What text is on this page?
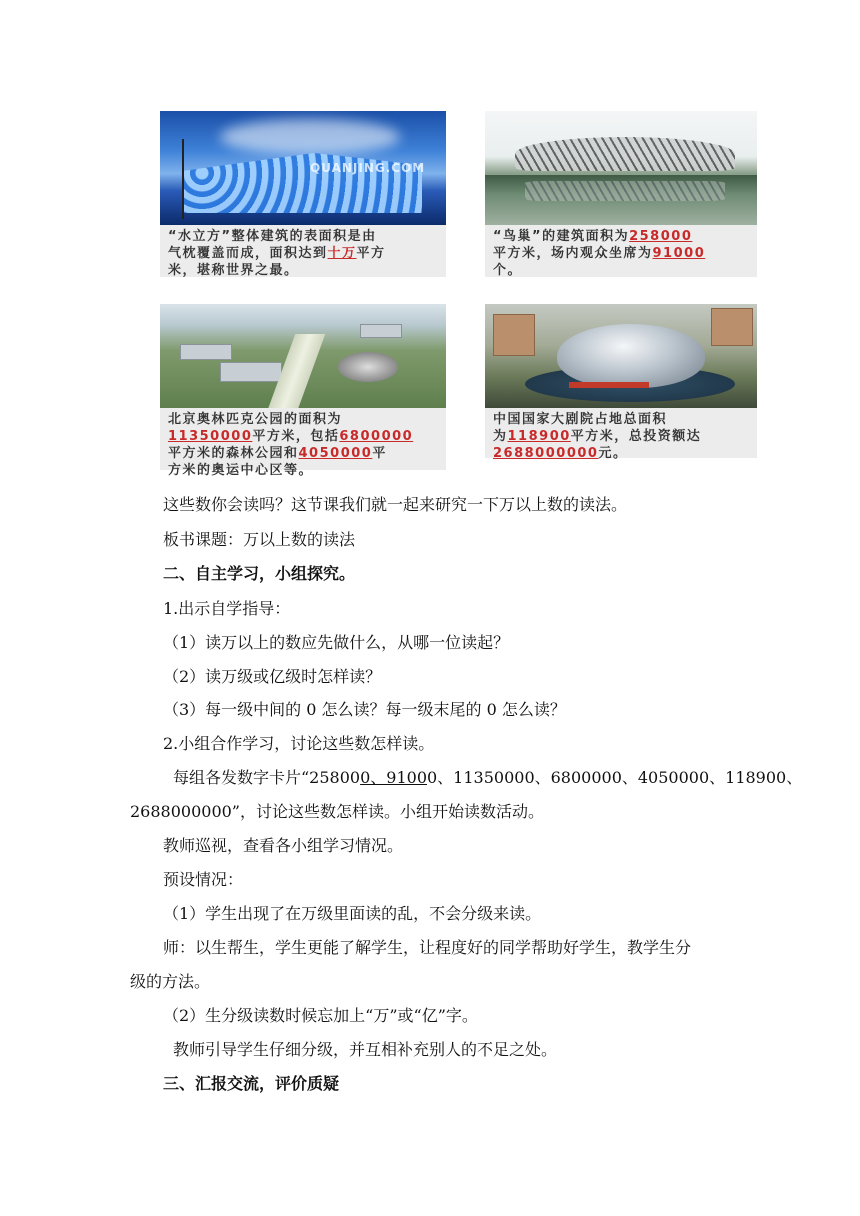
QUANJING.COM
“水立方”整体建筑的表面积是由
气枕覆盖而成，面积达到十万平方
米，堪称世界之最。
“鸟巢”的建筑面积为258000
平方米，场内观众坐席为91000
个。
北京奥林匹克公园的面积为
11350000平方米，包括6800000
平方米的森林公园和4050000平
方米的奥运中心区等。
中国国家大剧院占地总面积
为118900平方米，总投资额达
2688000000元。
这些数你会读吗？这节课我们就一起来研究一下万以上数的读法。
板书课题：万以上数的读法
二、自主学习，小组探究。
1.出示自学指导：
（1）读万以上的数应先做什么，从哪一位读起？
（2）读万级或亿级时怎样读？
（3）每一级中间的 0 怎么读？每一级末尾的 0 怎么读？
2.小组合作学习，讨论这些数怎样读。
每组各发数字卡片“258000、91000、11350000、6800000、4050000、118900、
2688000000”，讨论这些数怎样读。小组开始读数活动。
教师巡视，查看各小组学习情况。
预设情况：
（1）学生出现了在万级里面读的乱，不会分级来读。
师：以生帮生，学生更能了解学生，让程度好的同学帮助好学生，教学生分
级的方法。
（2）生分级读数时候忘加上“万”或“亿”字。
教师引导学生仔细分级，并互相补充别人的不足之处。
三、汇报交流，评价质疑
